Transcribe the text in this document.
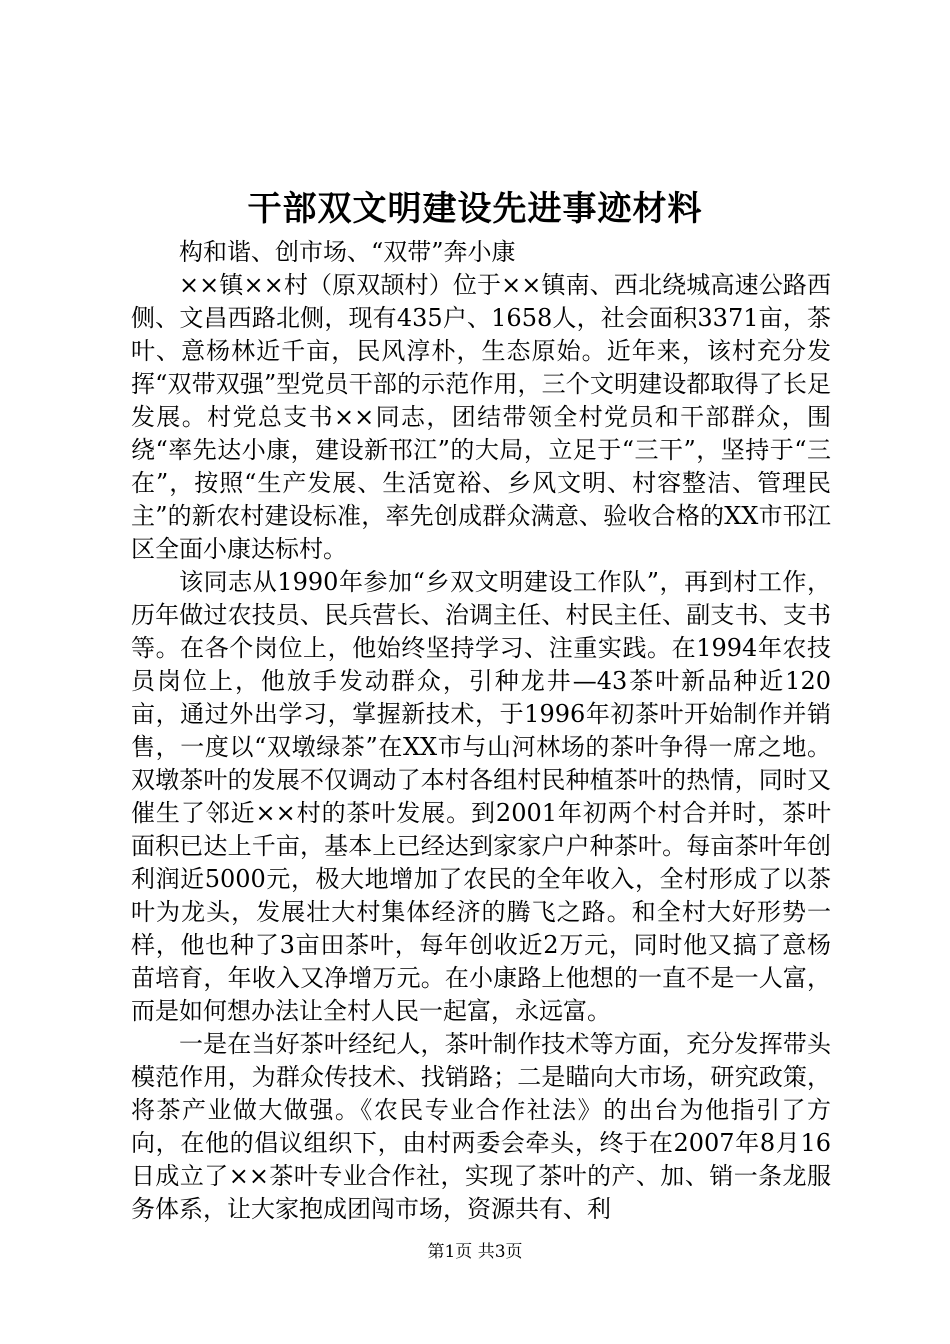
干部双文明建设先进事迹材料

构和谐、创市场、“双带”奔小康

××镇××村（原双颉村）位于××镇南、西北绕城高速公路西侧、文昌西路北侧，现有435户、1658人，社会面积3371亩，茶叶、意杨林近千亩，民风淳朴，生态原始。近年来，该村充分发挥“双带双强”型党员干部的示范作用，三个文明建设都取得了长足发展。村党总支书××同志，团结带领全村党员和干部群众，围绕“率先达小康，建设新邗江”的大局，立足于“三干”，坚持于“三在”，按照“生产发展、生活宽裕、乡风文明、村容整洁、管理民主”的新农村建设标准，率先创成群众满意、验收合格的XX市邗江区全面小康达标村。

该同志从1990年参加“乡双文明建设工作队”，再到村工作，历年做过农技员、民兵营长、治调主任、村民主任、副支书、支书等。在各个岗位上，他始终坚持学习、注重实践。在1994年农技员岗位上，他放手发动群众，引种龙井—43茶叶新品种近120亩，通过外出学习，掌握新技术，于1996年初茶叶开始制作并销售，一度以“双墩绿茶”在XX市与山河林场的茶叶争得一席之地。双墩茶叶的发展不仅调动了本村各组村民种植茶叶的热情，同时又催生了邻近××村的茶叶发展。到2001年初两个村合并时，茶叶面积已达上千亩，基本上已经达到家家户户种茶叶。每亩茶叶年创利润近5000元，极大地增加了农民的全年收入，全村形成了以茶叶为龙头，发展壮大村集体经济的腾飞之路。和全村大好形势一样，他也种了3亩田茶叶，每年创收近2万元，同时他又搞了意杨苗培育，年收入又净增万元。在小康路上他想的一直不是一人富，而是如何想办法让全村人民一起富，永远富。

一是在当好茶叶经纪人，茶叶制作技术等方面，充分发挥带头模范作用，为群众传技术、找销路；二是瞄向大市场，研究政策，将茶产业做大做强。《农民专业合作社法》的出台为他指引了方向，在他的倡议组织下，由村两委会牵头，终于在2007年8月16日成立了××茶叶专业合作社，实现了茶叶的产、加、销一条龙服务体系，让大家抱成团闯市场，资源共有、利

第1页 共3页
